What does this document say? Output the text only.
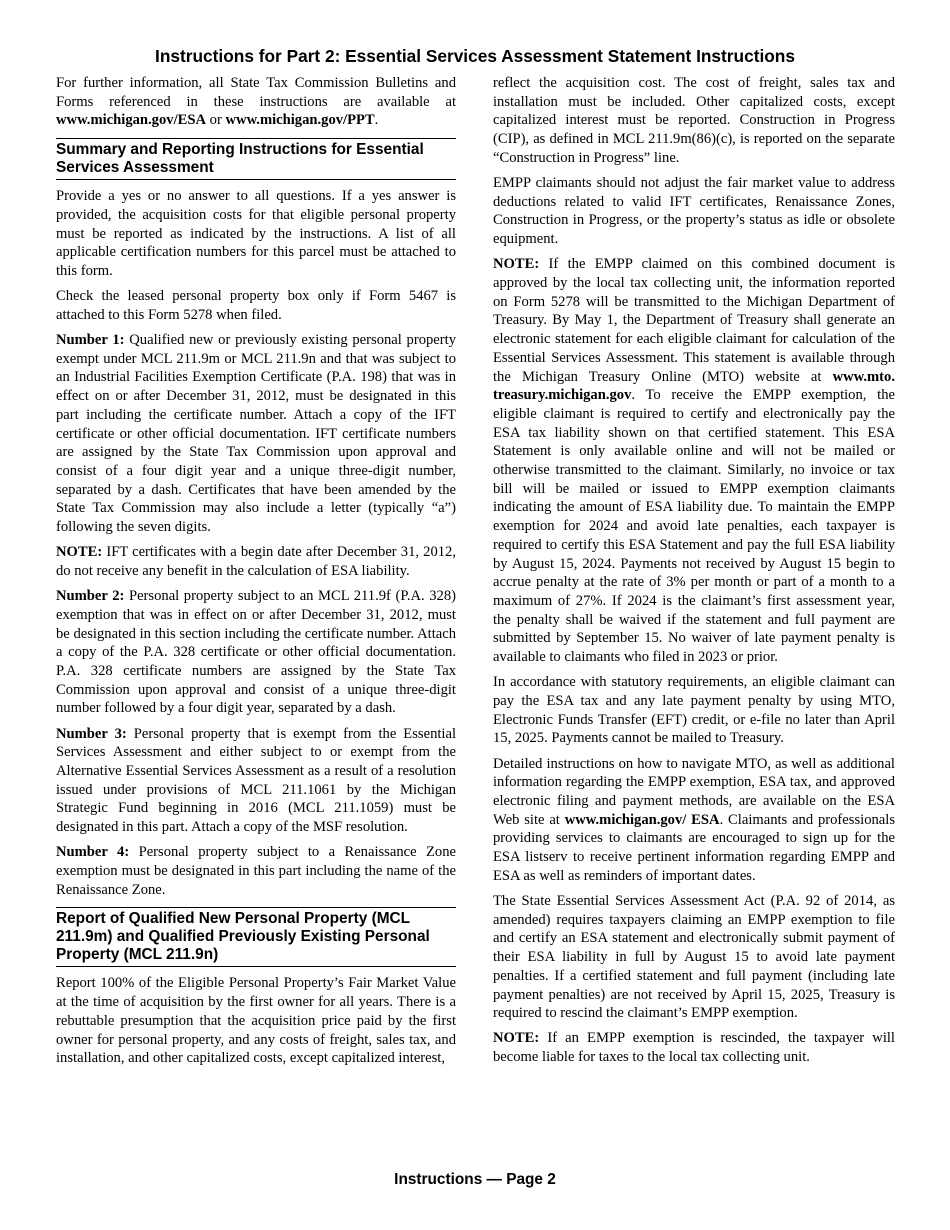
Instructions for Part 2: Essential Services Assessment Statement Instructions

For further information, all State Tax Commission Bulletins and Forms referenced in these instructions are available at www.michigan.gov/ESA or www.michigan.gov/PPT.

Summary and Reporting Instructions for Essential Services Assessment

Provide a yes or no answer to all questions. If a yes answer is provided, the acquisition costs for that eligible personal property must be reported as indicated by the instructions. A list of all applicable certification numbers for this parcel must be attached to this form.

Check the leased personal property box only if Form 5467 is attached to this Form 5278 when filed.

Number 1: Qualified new or previously existing personal property exempt under MCL 211.9m or MCL 211.9n and that was subject to an Industrial Facilities Exemption Certificate (P.A. 198) that was in effect on or after December 31, 2012, must be designated in this part including the certificate number. Attach a copy of the IFT certificate or other official documentation. IFT certificate numbers are assigned by the State Tax Commission upon approval and consist of a four digit year and a unique three-digit number, separated by a dash. Certificates that have been amended by the State Tax Commission may also include a letter (typically “a”) following the seven digits.

NOTE: IFT certificates with a begin date after December 31, 2012, do not receive any benefit in the calculation of ESA liability.

Number 2: Personal property subject to an MCL 211.9f (P.A. 328) exemption that was in effect on or after December 31, 2012, must be designated in this section including the certificate number. Attach a copy of the P.A. 328 certificate or other official documentation. P.A. 328 certificate numbers are assigned by the State Tax Commission upon approval and consist of a unique three-digit number followed by a four digit year, separated by a dash.

Number 3: Personal property that is exempt from the Essential Services Assessment and either subject to or exempt from the Alternative Essential Services Assessment as a result of a resolution issued under provisions of MCL 211.1061 by the Michigan Strategic Fund beginning in 2016 (MCL 211.1059) must be designated in this part. Attach a copy of the MSF resolution.

Number 4: Personal property subject to a Renaissance Zone exemption must be designated in this part including the name of the Renaissance Zone.

Report of Qualified New Personal Property (MCL 211.9m) and Qualified Previously Existing Personal Property (MCL 211.9n)

Report 100% of the Eligible Personal Property’s Fair Market Value at the time of acquisition by the first owner for all years. There is a rebuttable presumption that the acquisition price paid by the first owner for personal property, and any costs of freight, sales tax, and installation, and other capitalized costs, except capitalized interest,

reflect the acquisition cost. The cost of freight, sales tax and installation must be included. Other capitalized costs, except capitalized interest must be reported. Construction in Progress (CIP), as defined in MCL 211.9m(86)(c), is reported on the separate “Construction in Progress” line.

EMPP claimants should not adjust the fair market value to address deductions related to valid IFT certificates, Renaissance Zones, Construction in Progress, or the property’s status as idle or obsolete equipment.

NOTE: If the EMPP claimed on this combined document is approved by the local tax collecting unit, the information reported on Form 5278 will be transmitted to the Michigan Department of Treasury. By May 1, the Department of Treasury shall generate an electronic statement for each eligible claimant for calculation of the Essential Services Assessment. This statement is available through the Michigan Treasury Online (MTO) website at www.mto. treasury.michigan.gov. To receive the EMPP exemption, the eligible claimant is required to certify and electronically pay the ESA tax liability shown on that certified statement. This ESA Statement is only available online and will not be mailed or otherwise transmitted to the claimant. Similarly, no invoice or tax bill will be mailed or issued to EMPP exemption claimants indicating the amount of ESA liability due. To maintain the EMPP exemption for 2024 and avoid late penalties, each taxpayer is required to certify this ESA Statement and pay the full ESA liability by August 15, 2024. Payments not received by August 15 begin to accrue penalty at the rate of 3% per month or part of a month to a maximum of 27%. If 2024 is the claimant’s first assessment year, the penalty shall be waived if the statement and full payment are submitted by September 15. No waiver of late payment penalty is available to claimants who filed in 2023 or prior.

In accordance with statutory requirements, an eligible claimant can pay the ESA tax and any late payment penalty by using MTO, Electronic Funds Transfer (EFT) credit, or e-file no later than April 15, 2025. Payments cannot be mailed to Treasury.

Detailed instructions on how to navigate MTO, as well as additional information regarding the EMPP exemption, ESA tax, and approved electronic filing and payment methods, are available on the ESA Web site at www.michigan.gov/ ESA. Claimants and professionals providing services to claimants are encouraged to sign up for the ESA listserv to receive pertinent information regarding EMPP and ESA as well as reminders of important dates.

The State Essential Services Assessment Act (P.A. 92 of 2014, as amended) requires taxpayers claiming an EMPP exemption to file and certify an ESA statement and electronically submit payment of their ESA liability in full by August 15 to avoid late payment penalties. If a certified statement and full payment (including late payment penalties) are not received by April 15, 2025, Treasury is required to rescind the claimant’s EMPP exemption.

NOTE: If an EMPP exemption is rescinded, the taxpayer will become liable for taxes to the local tax collecting unit.

Instructions — Page 2
